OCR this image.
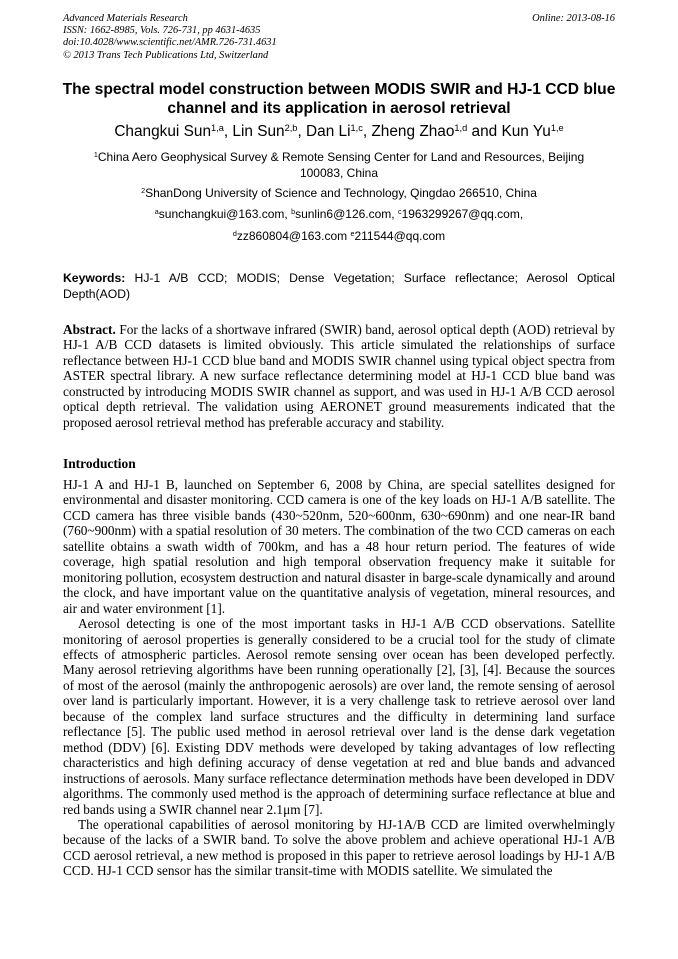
Advanced Materials Research
ISSN: 1662-8985, Vols. 726-731, pp 4631-4635
doi:10.4028/www.scientific.net/AMR.726-731.4631
© 2013 Trans Tech Publications Ltd, Switzerland
Online: 2013-08-16
The spectral model construction between MODIS SWIR and HJ-1 CCD blue channel and its application in aerosol retrieval
Changkui Sun$^{1,a}$, Lin Sun$^{2,b}$, Dan Li$^{1,c}$, Zheng Zhao$^{1,d}$ and Kun Yu$^{1,e}$
$^1$China Aero Geophysical Survey & Remote Sensing Center for Land and Resources, Beijing 100083, China
$^2$ShanDong University of Science and Technology, Qingdao 266510, China
$^a$sunchangkui@163.com, $^b$sunlin6@126.com, $^c$1963299267@qq.com,
$^d$zz860804@163.com $^e$211544@qq.com
Keywords: HJ-1 A/B CCD; MODIS; Dense Vegetation; Surface reflectance; Aerosol Optical Depth(AOD)
Abstract. For the lacks of a shortwave infrared (SWIR) band, aerosol optical depth (AOD) retrieval by HJ-1 A/B CCD datasets is limited obviously. This article simulated the relationships of surface reflectance between HJ-1 CCD blue band and MODIS SWIR channel using typical object spectra from ASTER spectral library. A new surface reflectance determining model at HJ-1 CCD blue band was constructed by introducing MODIS SWIR channel as support, and was used in HJ-1 A/B CCD aerosol optical depth retrieval. The validation using AERONET ground measurements indicated that the proposed aerosol retrieval method has preferable accuracy and stability.
Introduction

HJ-1 A and HJ-1 B, launched on September 6, 2008 by China, are special satellites designed for environmental and disaster monitoring. CCD camera is one of the key loads on HJ-1 A/B satellite. The CCD camera has three visible bands (430~520nm, 520~600nm, 630~690nm) and one near-IR band (760~900nm) with a spatial resolution of 30 meters. The combination of the two CCD cameras on each satellite obtains a swath width of 700km, and has a 48 hour return period. The features of wide coverage, high spatial resolution and high temporal observation frequency make it suitable for monitoring pollution, ecosystem destruction and natural disaster in barge-scale dynamically and around the clock, and have important value on the quantitative analysis of vegetation, mineral resources, and air and water environment [1].

Aerosol detecting is one of the most important tasks in HJ-1 A/B CCD observations. Satellite monitoring of aerosol properties is generally considered to be a crucial tool for the study of climate effects of atmospheric particles. Aerosol remote sensing over ocean has been developed perfectly. Many aerosol retrieving algorithms have been running operationally [2], [3], [4]. Because the sources of most of the aerosol (mainly the anthropogenic aerosols) are over land, the remote sensing of aerosol over land is particularly important. However, it is a very challenge task to retrieve aerosol over land because of the complex land surface structures and the difficulty in determining land surface reflectance [5]. The public used method in aerosol retrieval over land is the dense dark vegetation method (DDV) [6]. Existing DDV methods were developed by taking advantages of low reflecting characteristics and high defining accuracy of dense vegetation at red and blue bands and advanced instructions of aerosols. Many surface reflectance determination methods have been developed in DDV algorithms. The commonly used method is the approach of determining surface reflectance at blue and red bands using a SWIR channel near 2.1μm [7].

The operational capabilities of aerosol monitoring by HJ-1A/B CCD are limited overwhelmingly because of the lacks of a SWIR band. To solve the above problem and achieve operational HJ-1 A/B CCD aerosol retrieval, a new method is proposed in this paper to retrieve aerosol loadings by HJ-1 A/B CCD. HJ-1 CCD sensor has the similar transit-time with MODIS satellite. We simulated the
